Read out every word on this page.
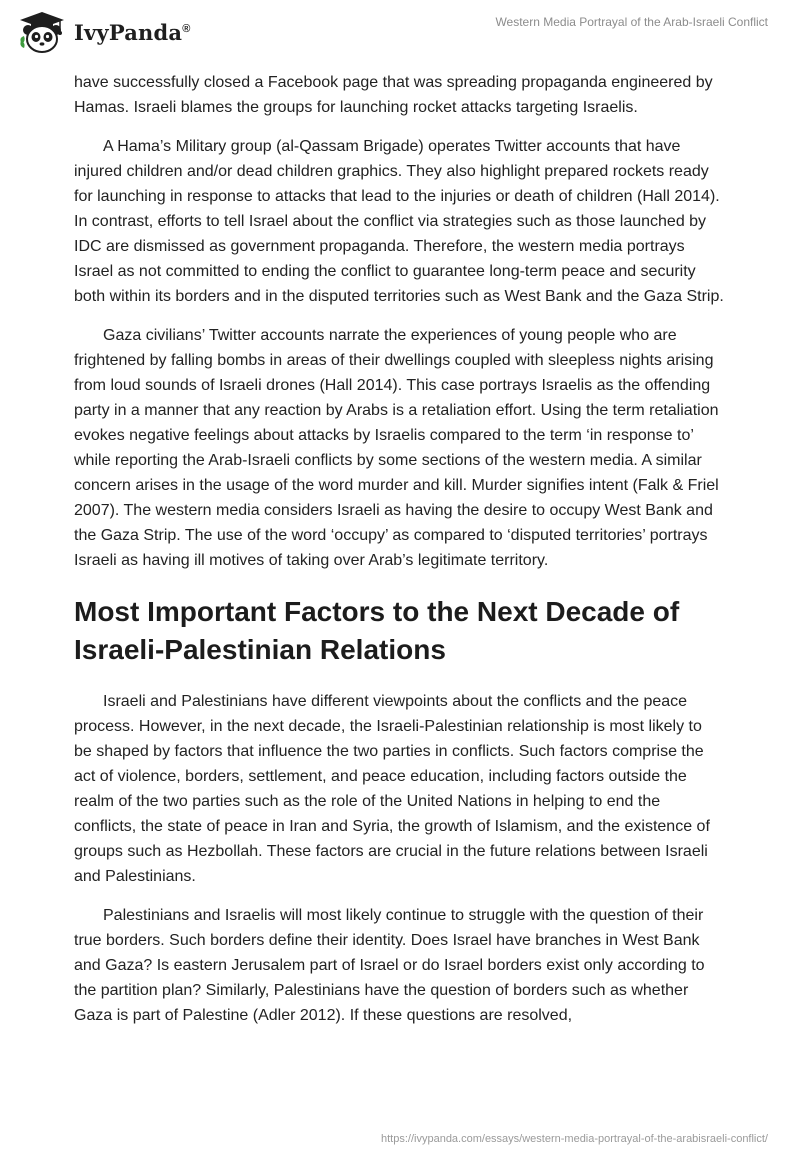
IvyPanda®	Western Media Portrayal of the Arab-Israeli Conflict

have successfully closed a Facebook page that was spreading propaganda engineered by Hamas. Israeli blames the groups for launching rocket attacks targeting Israelis.

A Hama’s Military group (al-Qassam Brigade) operates Twitter accounts that have injured children and/or dead children graphics. They also highlight prepared rockets ready for launching in response to attacks that lead to the injuries or death of children (Hall 2014). In contrast, efforts to tell Israel about the conflict via strategies such as those launched by IDC are dismissed as government propaganda. Therefore, the western media portrays Israel as not committed to ending the conflict to guarantee long-term peace and security both within its borders and in the disputed territories such as West Bank and the Gaza Strip.

Gaza civilians’ Twitter accounts narrate the experiences of young people who are frightened by falling bombs in areas of their dwellings coupled with sleepless nights arising from loud sounds of Israeli drones (Hall 2014). This case portrays Israelis as the offending party in a manner that any reaction by Arabs is a retaliation effort. Using the term retaliation evokes negative feelings about attacks by Israelis compared to the term ‘in response to’ while reporting the Arab-Israeli conflicts by some sections of the western media. A similar concern arises in the usage of the word murder and kill. Murder signifies intent (Falk & Friel 2007). The western media considers Israeli as having the desire to occupy West Bank and the Gaza Strip. The use of the word ‘occupy’ as compared to ‘disputed territories’ portrays Israeli as having ill motives of taking over Arab’s legitimate territory.

Most Important Factors to the Next Decade of Israeli-Palestinian Relations

Israeli and Palestinians have different viewpoints about the conflicts and the peace process. However, in the next decade, the Israeli-Palestinian relationship is most likely to be shaped by factors that influence the two parties in conflicts. Such factors comprise the act of violence, borders, settlement, and peace education, including factors outside the realm of the two parties such as the role of the United Nations in helping to end the conflicts, the state of peace in Iran and Syria, the growth of Islamism, and the existence of groups such as Hezbollah. These factors are crucial in the future relations between Israeli and Palestinians.

Palestinians and Israelis will most likely continue to struggle with the question of their true borders. Such borders define their identity. Does Israel have branches in West Bank and Gaza? Is eastern Jerusalem part of Israel or do Israel borders exist only according to the partition plan? Similarly, Palestinians have the question of borders such as whether Gaza is part of Palestine (Adler 2012). If these questions are resolved,

https://ivypanda.com/essays/western-media-portrayal-of-the-arabisraeli-conflict/
